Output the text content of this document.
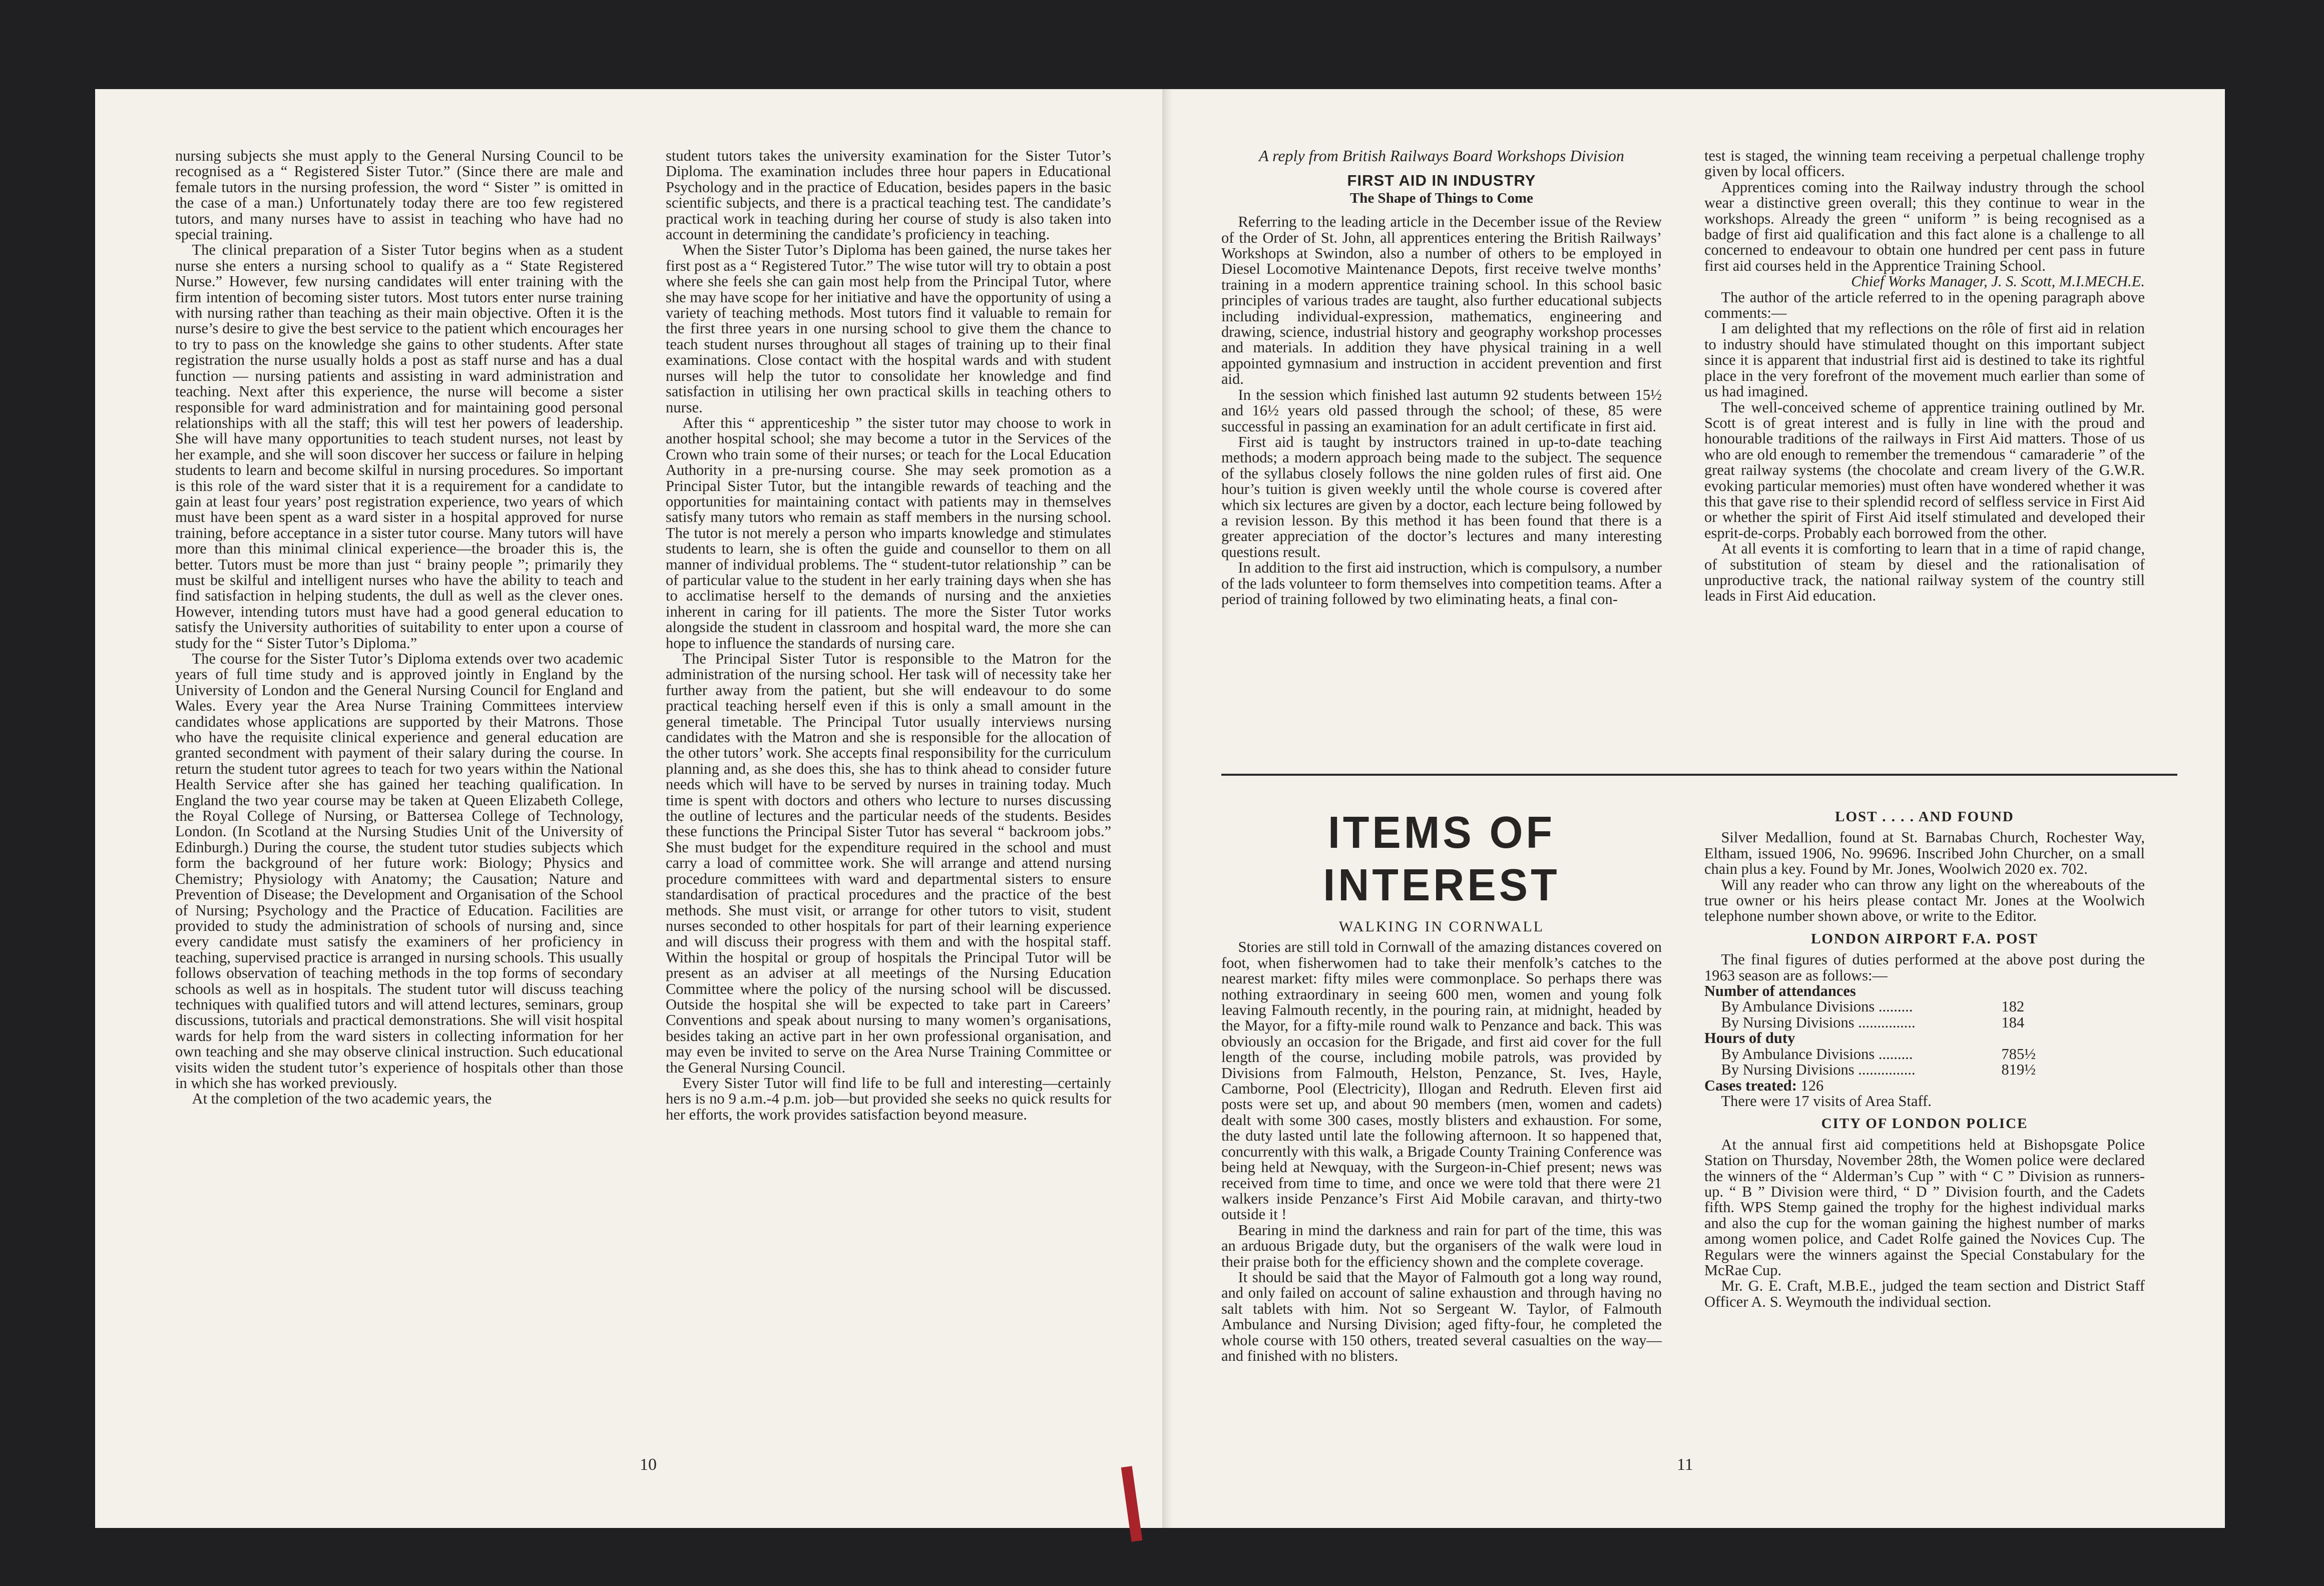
nursing subjects she must apply to the General Nursing Council to be recognised as a “ Registered Sister Tutor.” (Since there are male and female tutors in the nursing profession, the word “ Sister ” is omitted in the case of a man.) Unfortunately today there are too few registered tutors, and many nurses have to assist in teaching who have had no special training.

The clinical preparation of a Sister Tutor begins when as a student nurse she enters a nursing school to qualify as a “ State Registered Nurse.” However, few nursing candidates will enter training with the firm intention of becoming sister tutors. Most tutors enter nurse training with nursing rather than teaching as their main objective. Often it is the nurse’s desire to give the best service to the patient which encourages her to try to pass on the knowledge she gains to other students. After state registration the nurse usually holds a post as staff nurse and has a dual function — nursing patients and assisting in ward administration and teaching. Next after this experience, the nurse will become a sister responsible for ward administration and for maintaining good personal relationships with all the staff; this will test her powers of leadership. She will have many opportunities to teach student nurses, not least by her example, and she will soon discover her success or failure in helping students to learn and become skilful in nursing procedures. So important is this role of the ward sister that it is a requirement for a candidate to gain at least four years’ post registration experience, two years of which must have been spent as a ward sister in a hospital approved for nurse training, before acceptance in a sister tutor course. Many tutors will have more than this minimal clinical experience—the broader this is, the better. Tutors must be more than just “ brainy people ”; primarily they must be skilful and intelligent nurses who have the ability to teach and find satisfaction in helping students, the dull as well as the clever ones. However, intending tutors must have had a good general education to satisfy the University authorities of suitability to enter upon a course of study for the “ Sister Tutor’s Diploma.”

The course for the Sister Tutor’s Diploma extends over two academic years of full time study and is approved jointly in England by the University of London and the General Nursing Council for England and Wales. Every year the Area Nurse Training Committees interview candidates whose applications are supported by their Matrons. Those who have the requisite clinical experience and general education are granted secondment with payment of their salary during the course. In return the student tutor agrees to teach for two years within the National Health Service after she has gained her teaching qualification. In England the two year course may be taken at Queen Elizabeth College, the Royal College of Nursing, or Battersea College of Technology, London. (In Scotland at the Nursing Studies Unit of the University of Edinburgh.) During the course, the student tutor studies subjects which form the background of her future work: Biology; Physics and Chemistry; Physiology with Anatomy; the Causation; Nature and Prevention of Disease; the Development and Organisation of the School of Nursing; Psychology and the Practice of Education. Facilities are provided to study the administration of schools of nursing and, since every candidate must satisfy the examiners of her proficiency in teaching, supervised practice is arranged in nursing schools. This usually follows observation of teaching methods in the top forms of secondary schools as well as in hospitals. The student tutor will discuss teaching techniques with qualified tutors and will attend lectures, seminars, group discussions, tutorials and practical demonstrations. She will visit hospital wards for help from the ward sisters in collecting information for her own teaching and she may observe clinical instruction. Such educational visits widen the student tutor’s experience of hospitals other than those in which she has worked previously.

At the completion of the two academic years, the

student tutors takes the university examination for the Sister Tutor’s Diploma. The examination includes three hour papers in Educational Psychology and in the practice of Education, besides papers in the basic scientific subjects, and there is a practical teaching test. The candidate’s practical work in teaching during her course of study is also taken into account in determining the candidate’s proficiency in teaching.

When the Sister Tutor’s Diploma has been gained, the nurse takes her first post as a “ Registered Tutor.” The wise tutor will try to obtain a post where she feels she can gain most help from the Principal Tutor, where she may have scope for her initiative and have the opportunity of using a variety of teaching methods. Most tutors find it valuable to remain for the first three years in one nursing school to give them the chance to teach student nurses throughout all stages of training up to their final examinations. Close contact with the hospital wards and with student nurses will help the tutor to consolidate her knowledge and find satisfaction in utilising her own practical skills in teaching others to nurse.

After this “ apprenticeship ” the sister tutor may choose to work in another hospital school; she may become a tutor in the Services of the Crown who train some of their nurses; or teach for the Local Education Authority in a pre-nursing course. She may seek promotion as a Principal Sister Tutor, but the intangible rewards of teaching and the opportunities for maintaining contact with patients may in themselves satisfy many tutors who remain as staff members in the nursing school. The tutor is not merely a person who imparts knowledge and stimulates students to learn, she is often the guide and counsellor to them on all manner of individual problems. The “ student-tutor relationship ” can be of particular value to the student in her early training days when she has to acclimatise herself to the demands of nursing and the anxieties inherent in caring for ill patients. The more the Sister Tutor works alongside the student in classroom and hospital ward, the more she can hope to influence the standards of nursing care.

The Principal Sister Tutor is responsible to the Matron for the administration of the nursing school. Her task will of necessity take her further away from the patient, but she will endeavour to do some practical teaching herself even if this is only a small amount in the general timetable. The Principal Tutor usually interviews nursing candidates with the Matron and she is responsible for the allocation of the other tutors’ work. She accepts final responsibility for the curriculum planning and, as she does this, she has to think ahead to consider future needs which will have to be served by nurses in training today. Much time is spent with doctors and others who lecture to nurses discussing the outline of lectures and the particular needs of the students. Besides these functions the Principal Sister Tutor has several “ backroom jobs.” She must budget for the expenditure required in the school and must carry a load of committee work. She will arrange and attend nursing procedure committees with ward and departmental sisters to ensure standardisation of practical procedures and the practice of the best methods. She must visit, or arrange for other tutors to visit, student nurses seconded to other hospitals for part of their learning experience and will discuss their progress with them and with the hospital staff. Within the hospital or group of hospitals the Principal Tutor will be present as an adviser at all meetings of the Nursing Education Committee where the policy of the nursing school will be discussed. Outside the hospital she will be expected to take part in Careers’ Conventions and speak about nursing to many women’s organisations, besides taking an active part in her own professional organisation, and may even be invited to serve on the Area Nurse Training Committee or the General Nursing Council.

Every Sister Tutor will find life to be full and interesting—certainly hers is no 9 a.m.-4 p.m. job—but provided she seeks no quick results for her efforts, the work provides satisfaction beyond measure.

10
A reply from British Railways Board Workshops Division
FIRST AID IN INDUSTRY
The Shape of Things to Come

Referring to the leading article in the December issue of the Review of the Order of St. John, all apprentices entering the British Railways’ Workshops at Swindon, also a number of others to be employed in Diesel Locomotive Maintenance Depots, first receive twelve months’ training in a modern apprentice training school. In this school basic principles of various trades are taught, also further educational subjects including individual-expression, mathematics, engineering and drawing, science, industrial history and geography workshop processes and materials. In addition they have physical training in a well appointed gymnasium and instruction in accident prevention and first aid.

In the session which finished last autumn 92 students between 15½ and 16½ years old passed through the school; of these, 85 were successful in passing an examination for an adult certificate in first aid.

First aid is taught by instructors trained in up-to-date teaching methods; a modern approach being made to the subject. The sequence of the syllabus closely follows the nine golden rules of first aid. One hour’s tuition is given weekly until the whole course is covered after which six lectures are given by a doctor, each lecture being followed by a revision lesson. By this method it has been found that there is a greater appreciation of the doctor’s lectures and many interesting questions result.

In addition to the first aid instruction, which is compulsory, a number of the lads volunteer to form themselves into competition teams. After a period of training followed by two eliminating heats, a final con-

test is staged, the winning team receiving a perpetual challenge trophy given by local officers.

Apprentices coming into the Railway industry through the school wear a distinctive green overall; this they continue to wear in the workshops. Already the green “ uniform ” is being recognised as a badge of first aid qualification and this fact alone is a challenge to all concerned to endeavour to obtain one hundred per cent pass in future first aid courses held in the Apprentice Training School.

Chief Works Manager, J. S. Scott, M.I.MECH.E.

The author of the article referred to in the opening paragraph above comments:—

I am delighted that my reflections on the rôle of first aid in relation to industry should have stimulated thought on this important subject since it is apparent that industrial first aid is destined to take its rightful place in the very forefront of the movement much earlier than some of us had imagined.

The well-conceived scheme of apprentice training outlined by Mr. Scott is of great interest and is fully in line with the proud and honourable traditions of the railways in First Aid matters. Those of us who are old enough to remember the tremendous “ camaraderie ” of the great railway systems (the chocolate and cream livery of the G.W.R. evoking particular memories) must often have wondered whether it was this that gave rise to their splendid record of selfless service in First Aid or whether the spirit of First Aid itself stimulated and developed their esprit-de-corps. Probably each borrowed from the other.

At all events it is comforting to learn that in a time of rapid change, of substitution of steam by diesel and the rationalisation of unproductive track, the national railway system of the country still leads in First Aid education.

ITEMS OF INTEREST
WALKING IN CORNWALL

Stories are still told in Cornwall of the amazing distances covered on foot, when fisherwomen had to take their menfolk’s catches to the nearest market: fifty miles were commonplace. So perhaps there was nothing extraordinary in seeing 600 men, women and young folk leaving Falmouth recently, in the pouring rain, at midnight, headed by the Mayor, for a fifty-mile round walk to Penzance and back. This was obviously an occasion for the Brigade, and first aid cover for the full length of the course, including mobile patrols, was provided by Divisions from Falmouth, Helston, Penzance, St. Ives, Hayle, Camborne, Pool (Electricity), Illogan and Redruth. Eleven first aid posts were set up, and about 90 members (men, women and cadets) dealt with some 300 cases, mostly blisters and exhaustion. For some, the duty lasted until late the following afternoon. It so happened that, concurrently with this walk, a Brigade County Training Conference was being held at Newquay, with the Surgeon-in-Chief present; news was received from time to time, and once we were told that there were 21 walkers inside Penzance’s First Aid Mobile caravan, and thirty-two outside it !

Bearing in mind the darkness and rain for part of the time, this was an arduous Brigade duty, but the organisers of the walk were loud in their praise both for the efficiency shown and the complete coverage.

It should be said that the Mayor of Falmouth got a long way round, and only failed on account of saline exhaustion and through having no salt tablets with him. Not so Sergeant W. Taylor, of Falmouth Ambulance and Nursing Division; aged fifty-four, he completed the whole course with 150 others, treated several casualties on the way—and finished with no blisters.

LOST . . . . AND FOUND

Silver Medallion, found at St. Barnabas Church, Rochester Way, Eltham, issued 1906, No. 99696. Inscribed John Churcher, on a small chain plus a key. Found by Mr. Jones, Woolwich 2020 ex. 702.

Will any reader who can throw any light on the whereabouts of the true owner or his heirs please contact Mr. Jones at the Woolwich telephone number shown above, or write to the Editor.

LONDON AIRPORT F.A. POST

The final figures of duties performed at the above post during the 1963 season are as follows:—

Number of attendances
By Ambulance Divisions .........	182
By Nursing Divisions ...............	184
Hours of duty
By Ambulance Divisions .........	785½
By Nursing Divisions ...............	819½
Cases treated: 126

There were 17 visits of Area Staff.

CITY OF LONDON POLICE

At the annual first aid competitions held at Bishopsgate Police Station on Thursday, November 28th, the Women police were declared the winners of the “ Alderman’s Cup ” with “ C ” Division as runners-up. “ B ” Division were third, “ D ” Division fourth, and the Cadets fifth. WPS Stemp gained the trophy for the highest individual marks and also the cup for the woman gaining the highest number of marks among women police, and Cadet Rolfe gained the Novices Cup. The Regulars were the winners against the Special Constabulary for the McRae Cup.

Mr. G. E. Craft, M.B.E., judged the team section and District Staff Officer A. S. Weymouth the individual section.

11
